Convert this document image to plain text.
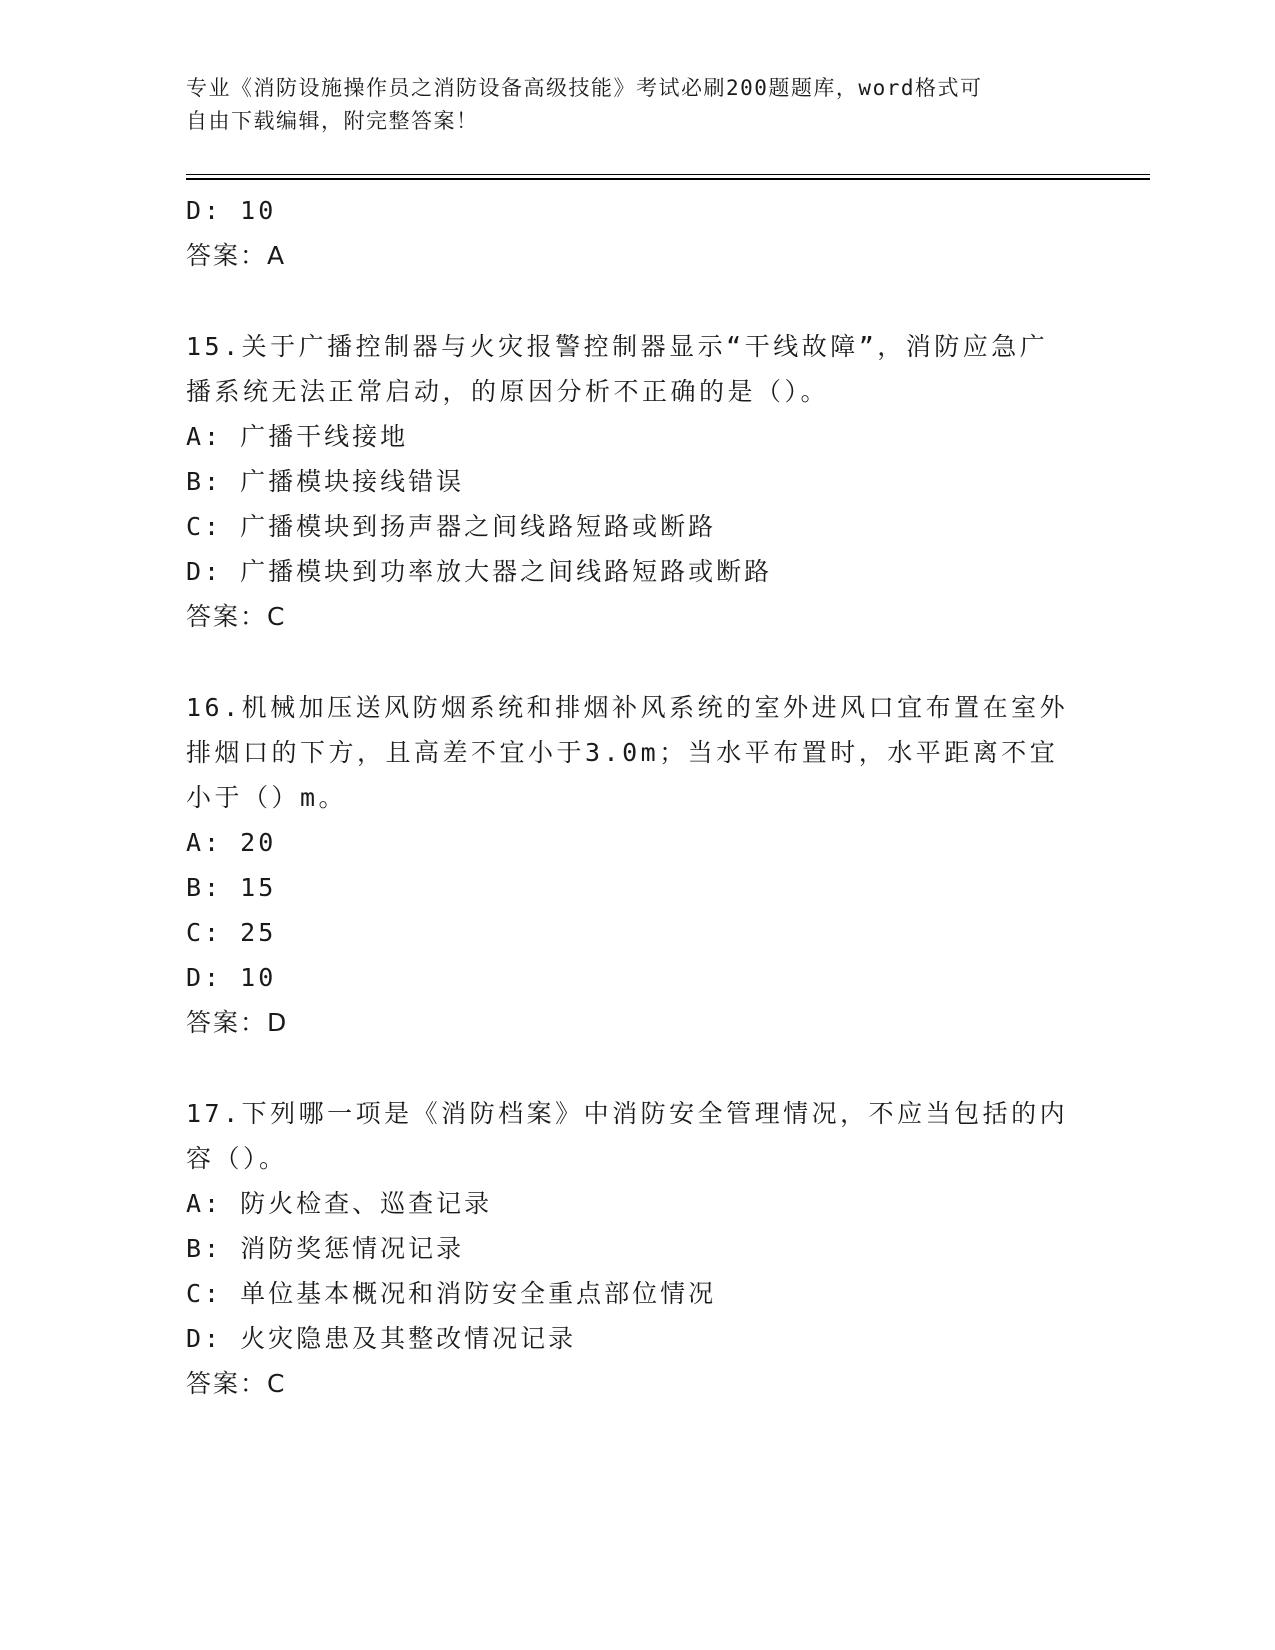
专业《消防设施操作员之消防设备高级技能》考试必刷200题题库，word格式可
自由下载编辑，附完整答案！
D: 10
答案：A
15.关于广播控制器与火灾报警控制器显示“干线故障”，消防应急广
播系统无法正常启动，的原因分析不正确的是（）。
A: 广播干线接地
B: 广播模块接线错误
C: 广播模块到扬声器之间线路短路或断路
D: 广播模块到功率放大器之间线路短路或断路
答案：C
16.机械加压送风防烟系统和排烟补风系统的室外进风口宜布置在室外
排烟口的下方，且高差不宜小于3.0m；当水平布置时，水平距离不宜
小于（）m。
A: 20
B: 15
C: 25
D: 10
答案：D
17.下列哪一项是《消防档案》中消防安全管理情况，不应当包括的内
容（）。
A: 防火检查、巡查记录
B: 消防奖惩情况记录
C: 单位基本概况和消防安全重点部位情况
D: 火灾隐患及其整改情况记录
答案：C
